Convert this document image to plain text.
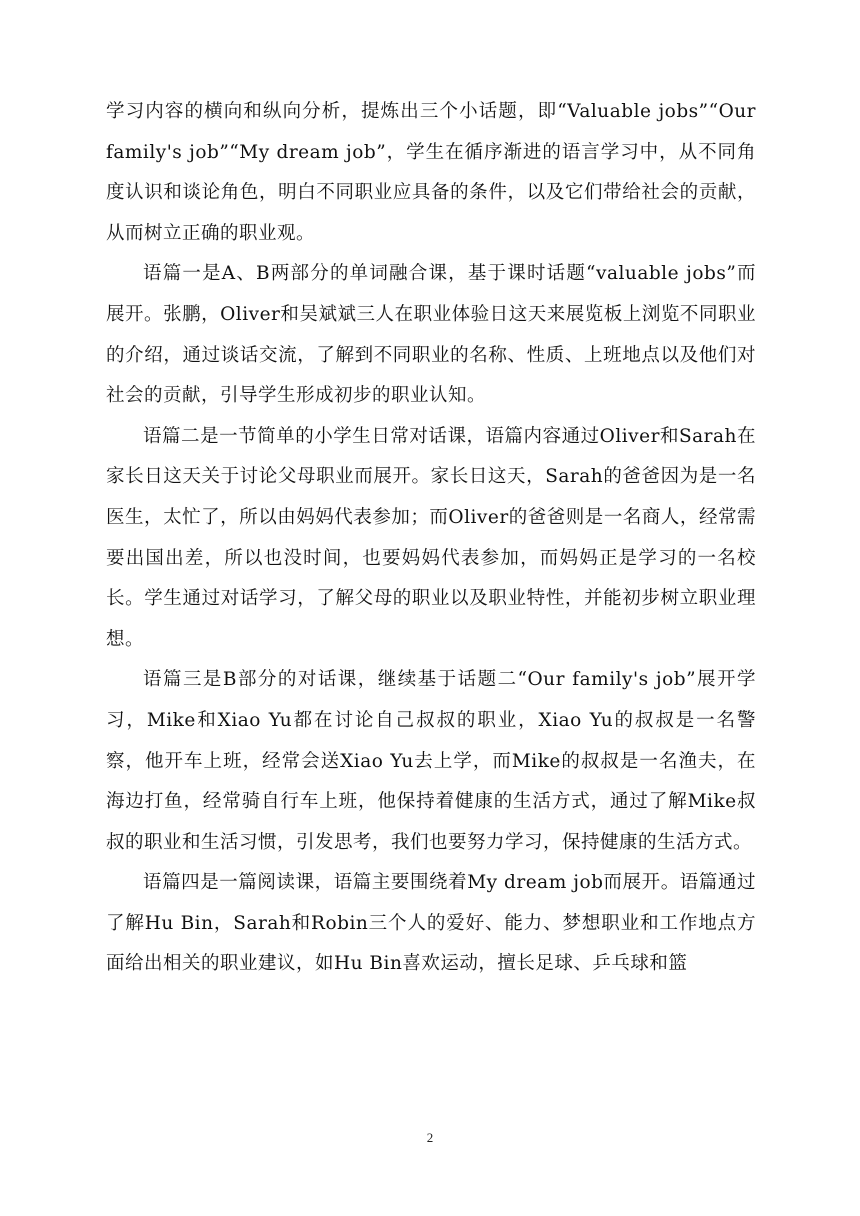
学习内容的横向和纵向分析，提炼出三个小话题，即“Valuable jobs”“Our family's job”“My dream job”，学生在循序渐进的语言学习中，从不同角度认识和谈论角色，明白不同职业应具备的条件，以及它们带给社会的贡献，从而树立正确的职业观。

语篇一是A、B两部分的单词融合课，基于课时话题“valuable jobs”而展开。张鹏，Oliver和吴斌斌三人在职业体验日这天来展览板上浏览不同职业的介绍，通过谈话交流，了解到不同职业的名称、性质、上班地点以及他们对社会的贡献，引导学生形成初步的职业认知。

语篇二是一节简单的小学生日常对话课，语篇内容通过Oliver和Sarah在家长日这天关于讨论父母职业而展开。家长日这天，Sarah的爸爸因为是一名医生，太忙了，所以由妈妈代表参加；而Oliver的爸爸则是一名商人，经常需要出国出差，所以也没时间，也要妈妈代表参加，而妈妈正是学习的一名校长。学生通过对话学习，了解父母的职业以及职业特性，并能初步树立职业理想。

语篇三是B部分的对话课，继续基于话题二“Our family's job”展开学习，Mike和Xiao Yu都在讨论自己叔叔的职业，Xiao Yu的叔叔是一名警察，他开车上班，经常会送Xiao Yu去上学，而Mike的叔叔是一名渔夫，在海边打鱼，经常骑自行车上班，他保持着健康的生活方式，通过了解Mike叔叔的职业和生活习惯，引发思考，我们也要努力学习，保持健康的生活方式。

语篇四是一篇阅读课，语篇主要围绕着My dream job而展开。语篇通过了解Hu Bin，Sarah和Robin三个人的爱好、能力、梦想职业和工作地点方面给出相关的职业建议，如Hu Bin喜欢运动，擅长足球、乒乓球和篮

2
